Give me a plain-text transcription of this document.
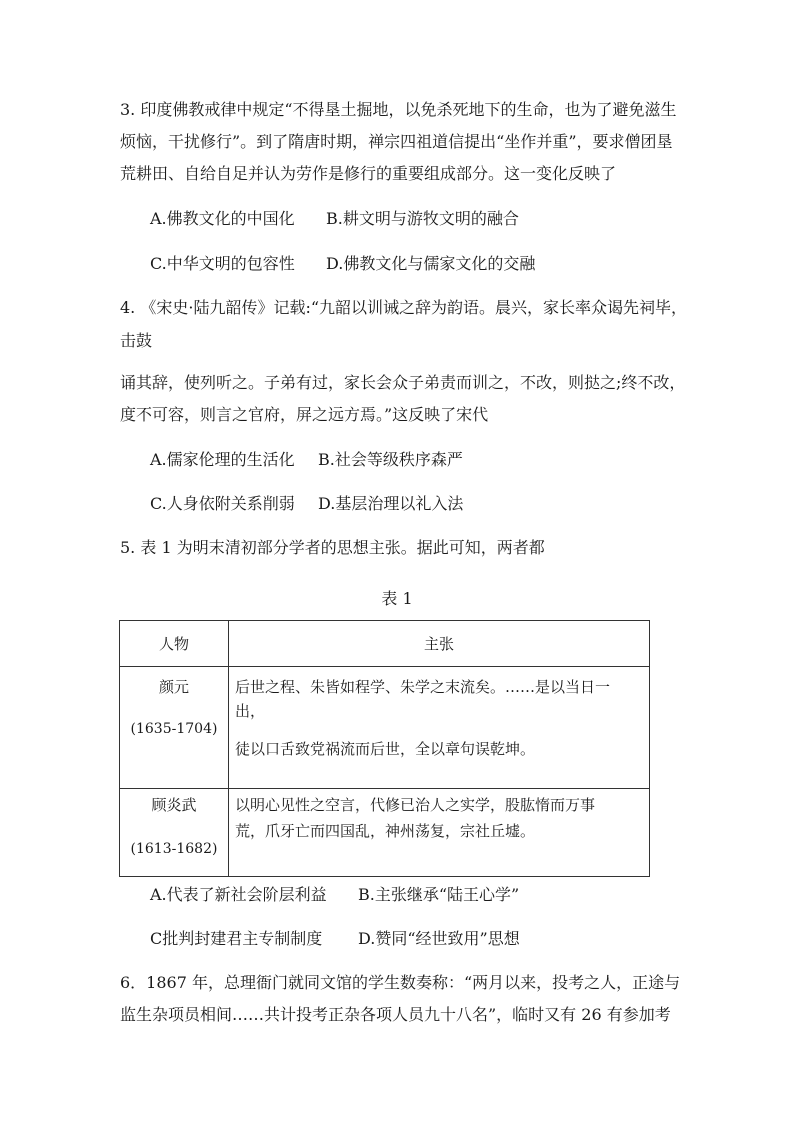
3. 印度佛教戒律中规定“不得垦土掘地，以免杀死地下的生命，也为了避免滋生

烦恼，干扰修行”。到了隋唐时期，禅宗四祖道信提出“坐作并重”，要求僧团垦

荒耕田、自给自足并认为劳作是修行的重要组成部分。这一变化反映了

A.佛教文化的中国化 B.耕文明与游牧文明的融合
C.中华文明的包容性 D.佛教文化与儒家文化的交融

4. 《宋史·陆九韶传》记载:“九韶以训诫之辞为韵语。晨兴，家长率众谒先祠毕，

击鼓

诵其辞，使列听之。子弟有过，家长会众子弟责而训之，不改，则挞之;终不改，

度不可容，则言之官府，屏之远方焉。”这反映了宋代

A.儒家伦理的生活化 B.社会等级秩序森严
C.人身依附关系削弱 D.基层治理以礼入法

5. 表 1 为明末清初部分学者的思想主张。据此可知，两者都

表 1
人物	主张

颜元
(1635-1704)	后世之程、朱皆如程学、朱学之末流矣。……是以当日一
出，
徒以口舌致党祸流而后世，全以章句误乾坤。

顾炎武
(1613-1682)	以明心见性之空言，代修已治人之实学，股肱惰而万事
荒，爪牙亡而四国乱，神州荡复，宗社丘墟。
A.代表了新社会阶层利益 B.主张继承“陆王心学”
C批判封建君主专制制度 D.赞同“经世致用”思想

6．1867 年，总理衙门就同文馆的学生数奏称：“两月以来，投考之人，正途与

监生杂项员相间……共计投考正杂各项人员九十八名”，临时又有 26 有参加考
